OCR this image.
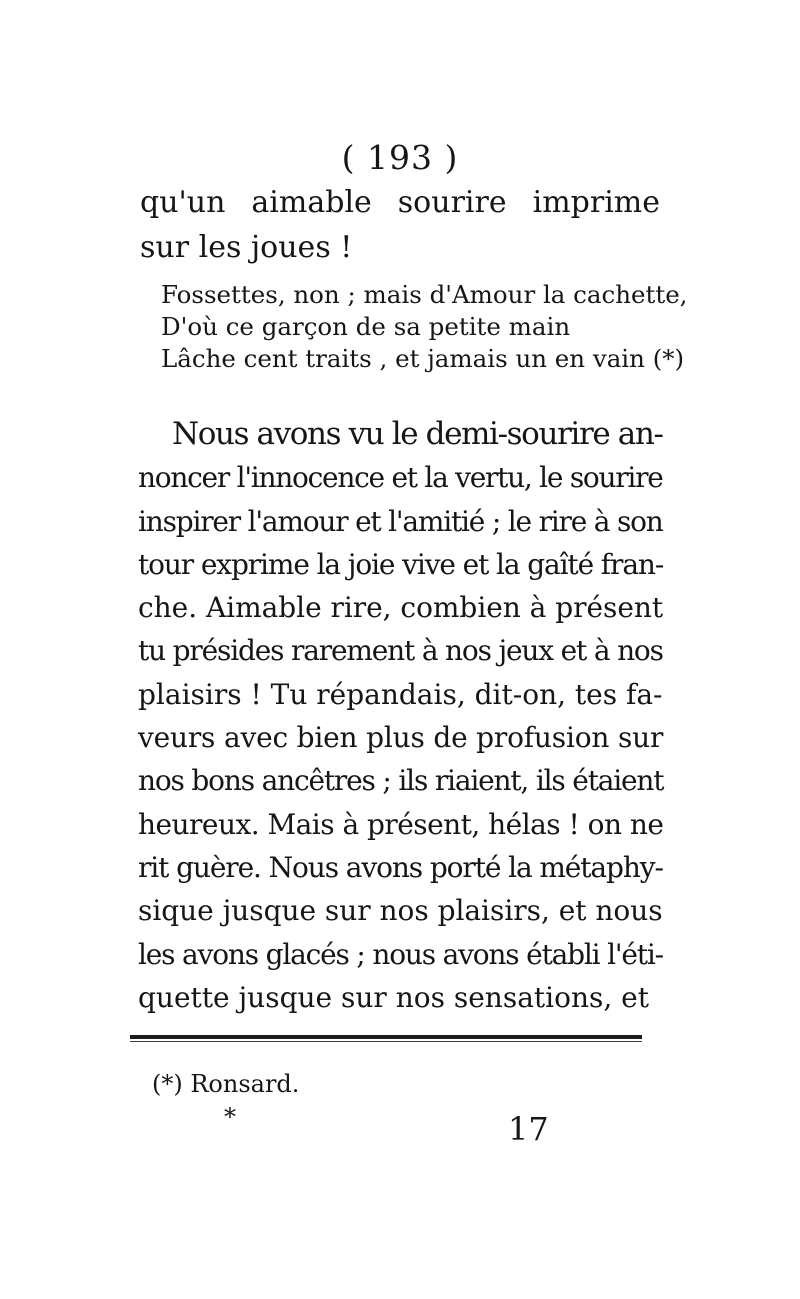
( 193 )
qu'un aimable sourire imprime sur les joues !
Fossettes, non ; mais d'Amour la cachette,
D'où ce garçon de sa petite main
Lâche cent traits , et jamais un en vain (*)
Nous avons vu le demi-sourire an-
noncer l'innocence et la vertu, le sourire
inspirer l'amour et l'amitié ; le rire à son
tour exprime la joie vive et la gaîté fran-
che. Aimable rire, combien à présent
tu présides rarement à nos jeux et à nos
plaisirs ! Tu répandais, dit-on, tes fa-
veurs avec bien plus de profusion sur
nos bons ancêtres ; ils riaient, ils étaient
heureux. Mais à présent, hélas ! on ne
rit guère. Nous avons porté la métaphy-
sique jusque sur nos plaisirs, et nous
les avons glacés ; nous avons établi l'éti-
quette jusque sur nos sensations, et
(*) Ronsard.
*	17
